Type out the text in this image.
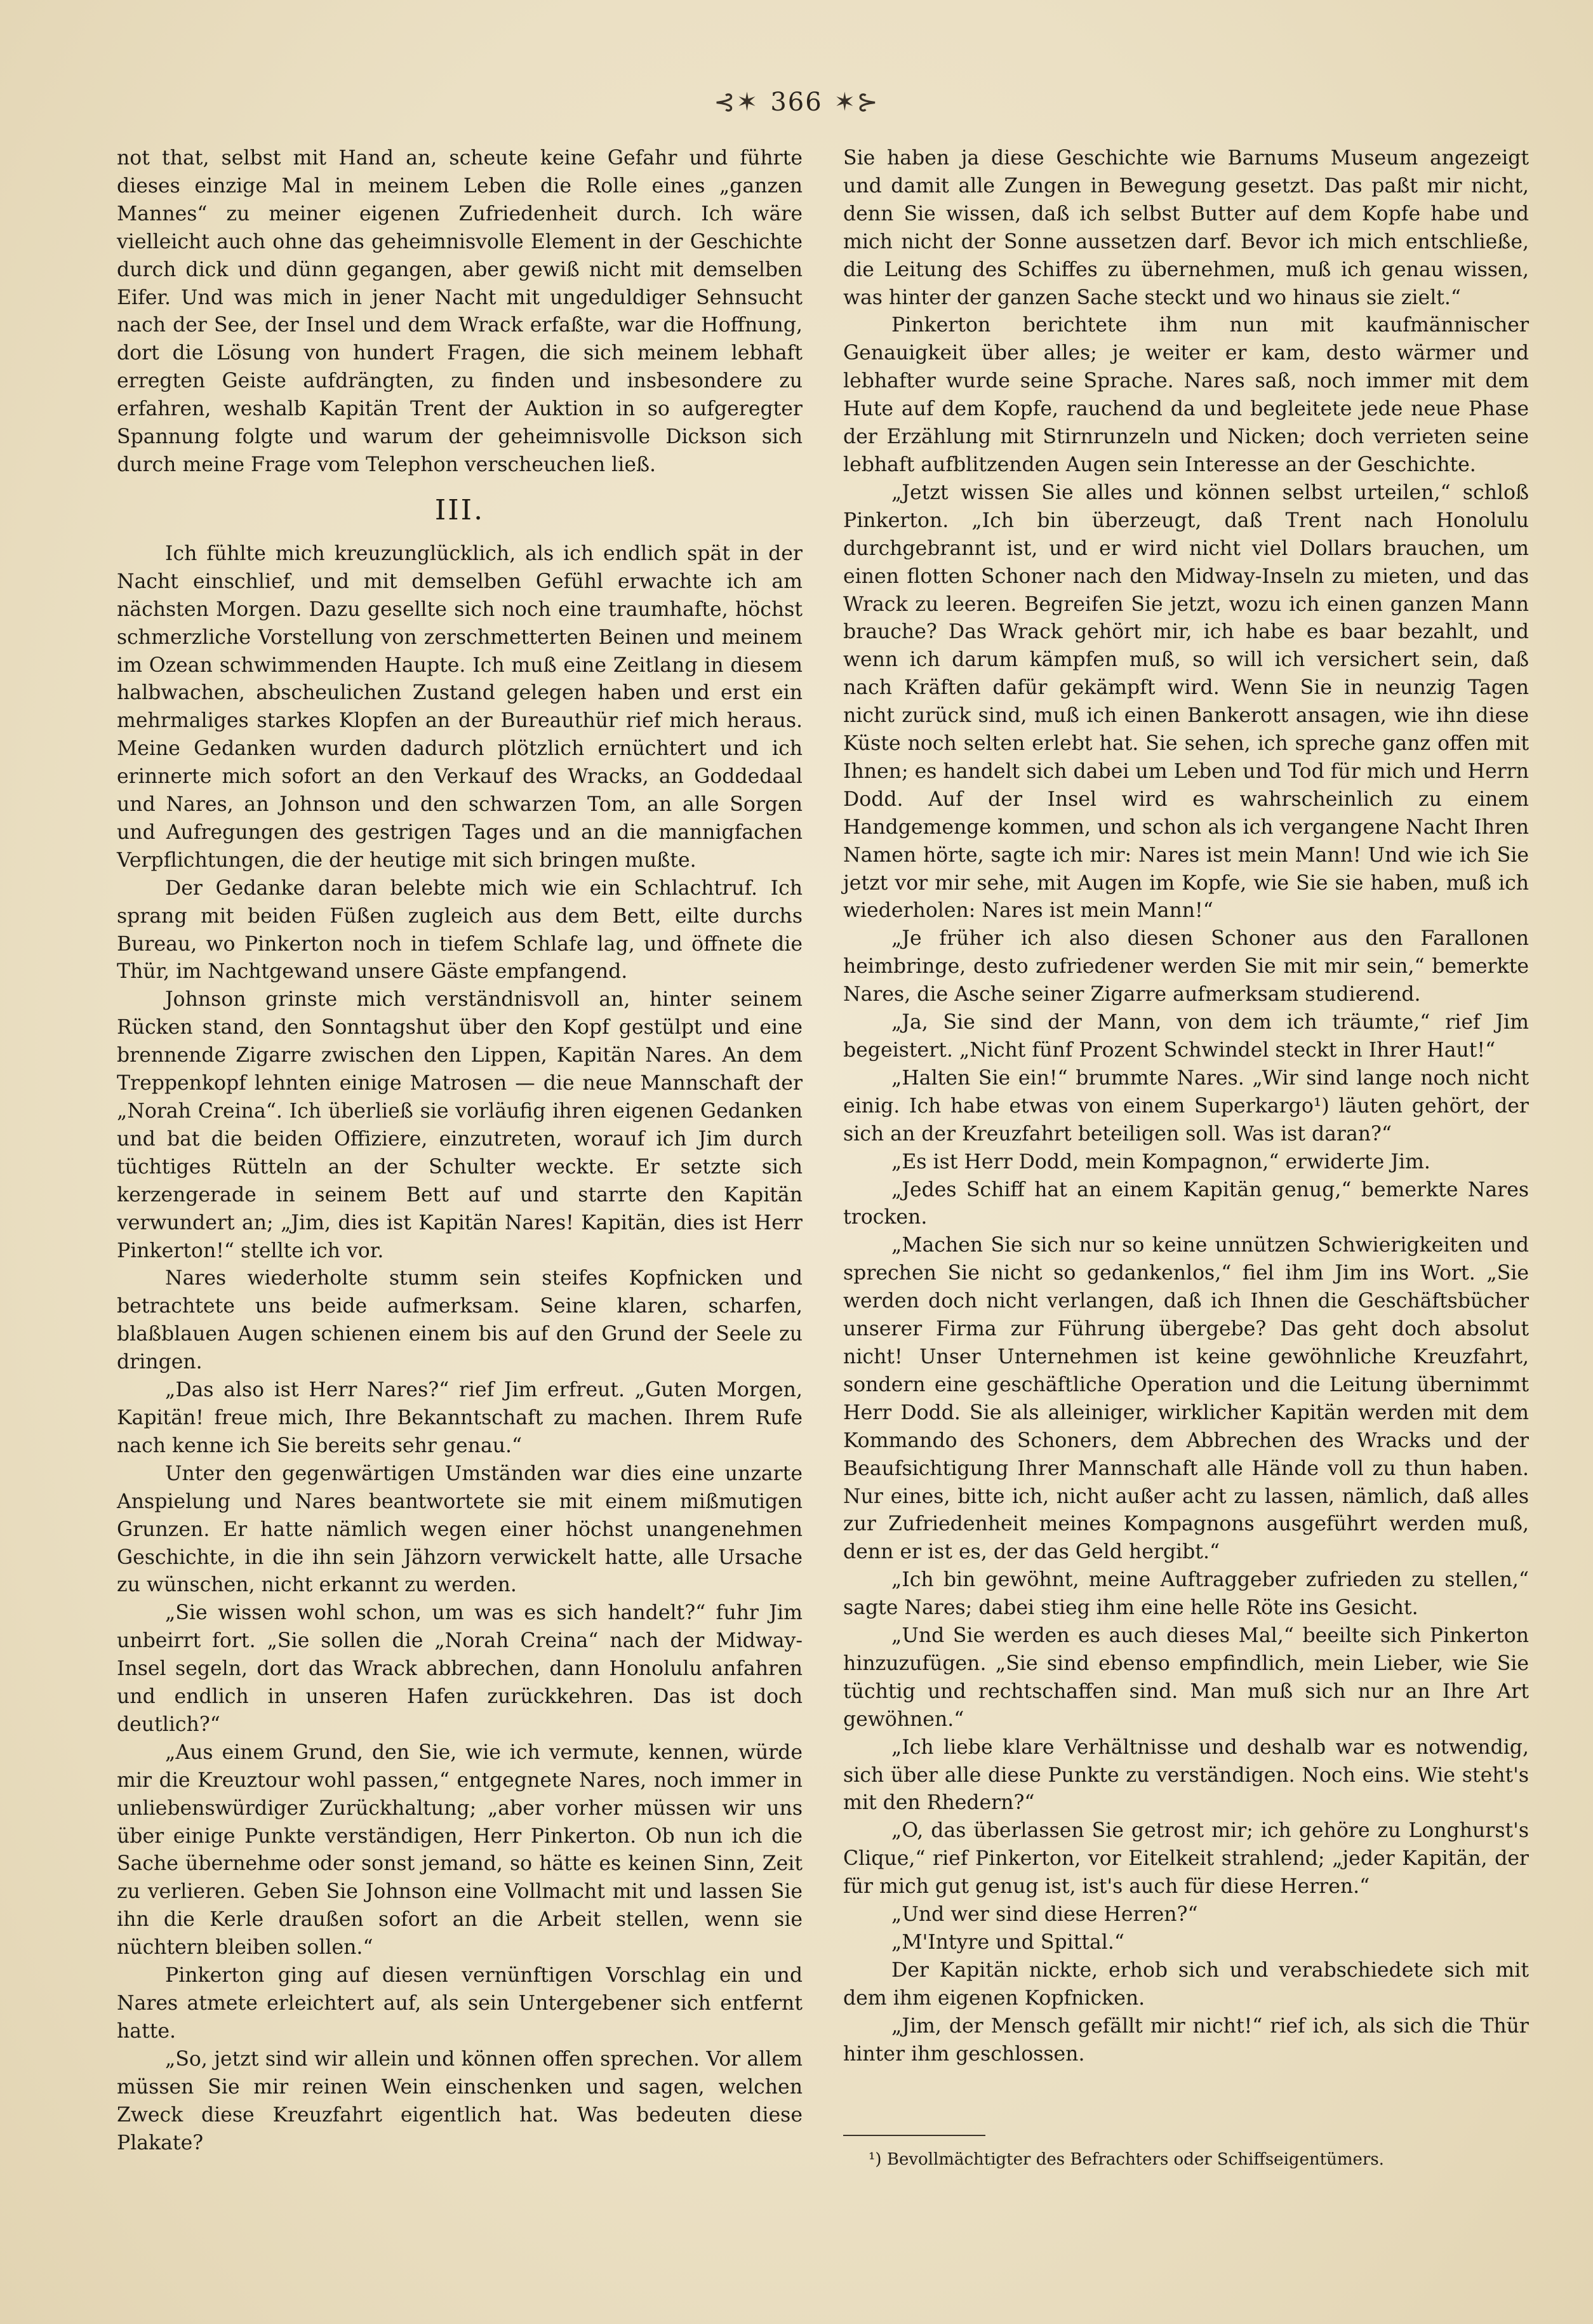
⊰✶ 366 ✶⊱

not that, selbst mit Hand an, scheute keine Gefahr und führte dieses einzige Mal in meinem Leben die Rolle eines „ganzen Mannes“ zu meiner eigenen Zufriedenheit durch. Ich wäre vielleicht auch ohne das geheimnisvolle Element in der Geschichte durch dick und dünn gegangen, aber gewiß nicht mit demselben Eifer. Und was mich in jener Nacht mit ungeduldiger Sehnsucht nach der See, der Insel und dem Wrack erfaßte, war die Hoffnung, dort die Lösung von hundert Fragen, die sich meinem lebhaft erregten Geiste aufdrängten, zu finden und insbesondere zu erfahren, weshalb Kapitän Trent der Auktion in so aufgeregter Spannung folgte und warum der geheimnisvolle Dickson sich durch meine Frage vom Telephon verscheuchen ließ.

III.

Ich fühlte mich kreuzunglücklich, als ich endlich spät in der Nacht einschlief, und mit demselben Gefühl erwachte ich am nächsten Morgen. Dazu gesellte sich noch eine traumhafte, höchst schmerzliche Vorstellung von zerschmetterten Beinen und meinem im Ozean schwimmenden Haupte. Ich muß eine Zeitlang in diesem halbwachen, abscheulichen Zustand gelegen haben und erst ein mehrmaliges starkes Klopfen an der Bureauthür rief mich heraus. Meine Gedanken wurden dadurch plötzlich ernüchtert und ich erinnerte mich sofort an den Verkauf des Wracks, an Goddedaal und Nares, an Johnson und den schwarzen Tom, an alle Sorgen und Aufregungen des gestrigen Tages und an die mannigfachen Verpflichtungen, die der heutige mit sich bringen mußte.

Der Gedanke daran belebte mich wie ein Schlachtruf. Ich sprang mit beiden Füßen zugleich aus dem Bett, eilte durchs Bureau, wo Pinkerton noch in tiefem Schlafe lag, und öffnete die Thür, im Nachtgewand unsere Gäste empfangend.

Johnson grinste mich verständnisvoll an, hinter seinem Rücken stand, den Sonntagshut über den Kopf gestülpt und eine brennende Zigarre zwischen den Lippen, Kapitän Nares. An dem Treppenkopf lehnten einige Matrosen — die neue Mannschaft der „Norah Creina“. Ich überließ sie vorläufig ihren eigenen Gedanken und bat die beiden Offiziere, einzutreten, worauf ich Jim durch tüchtiges Rütteln an der Schulter weckte. Er setzte sich kerzengerade in seinem Bett auf und starrte den Kapitän verwundert an; „Jim, dies ist Kapitän Nares! Kapitän, dies ist Herr Pinkerton!“ stellte ich vor.

Nares wiederholte stumm sein steifes Kopfnicken und betrachtete uns beide aufmerksam. Seine klaren, scharfen, blaßblauen Augen schienen einem bis auf den Grund der Seele zu dringen.

„Das also ist Herr Nares?“ rief Jim erfreut. „Guten Morgen, Kapitän! freue mich, Ihre Bekanntschaft zu machen. Ihrem Rufe nach kenne ich Sie bereits sehr genau.“

Unter den gegenwärtigen Umständen war dies eine unzarte Anspielung und Nares beantwortete sie mit einem mißmutigen Grunzen. Er hatte nämlich wegen einer höchst unangenehmen Geschichte, in die ihn sein Jähzorn verwickelt hatte, alle Ursache zu wünschen, nicht erkannt zu werden.

„Sie wissen wohl schon, um was es sich handelt?“ fuhr Jim unbeirrt fort. „Sie sollen die „Norah Creina“ nach der Midway-Insel segeln, dort das Wrack abbrechen, dann Honolulu anfahren und endlich in unseren Hafen zurückkehren. Das ist doch deutlich?“

„Aus einem Grund, den Sie, wie ich vermute, kennen, würde mir die Kreuztour wohl passen,“ entgegnete Nares, noch immer in unliebenswürdiger Zurückhaltung; „aber vorher müssen wir uns über einige Punkte verständigen, Herr Pinkerton. Ob nun ich die Sache übernehme oder sonst jemand, so hätte es keinen Sinn, Zeit zu verlieren. Geben Sie Johnson eine Vollmacht mit und lassen Sie ihn die Kerle draußen sofort an die Arbeit stellen, wenn sie nüchtern bleiben sollen.“

Pinkerton ging auf diesen vernünftigen Vorschlag ein und Nares atmete erleichtert auf, als sein Untergebener sich entfernt hatte.

„So, jetzt sind wir allein und können offen sprechen. Vor allem müssen Sie mir reinen Wein einschenken und sagen, welchen Zweck diese Kreuzfahrt eigentlich hat. Was bedeuten diese Plakate?

Sie haben ja diese Geschichte wie Barnums Museum angezeigt und damit alle Zungen in Bewegung gesetzt. Das paßt mir nicht, denn Sie wissen, daß ich selbst Butter auf dem Kopfe habe und mich nicht der Sonne aussetzen darf. Bevor ich mich entschließe, die Leitung des Schiffes zu übernehmen, muß ich genau wissen, was hinter der ganzen Sache steckt und wo hinaus sie zielt.“

Pinkerton berichtete ihm nun mit kaufmännischer Genauigkeit über alles; je weiter er kam, desto wärmer und lebhafter wurde seine Sprache. Nares saß, noch immer mit dem Hute auf dem Kopfe, rauchend da und begleitete jede neue Phase der Erzählung mit Stirnrunzeln und Nicken; doch verrieten seine lebhaft aufblitzenden Augen sein Interesse an der Geschichte.

„Jetzt wissen Sie alles und können selbst urteilen,“ schloß Pinkerton. „Ich bin überzeugt, daß Trent nach Honolulu durchgebrannt ist, und er wird nicht viel Dollars brauchen, um einen flotten Schoner nach den Midway-Inseln zu mieten, und das Wrack zu leeren. Begreifen Sie jetzt, wozu ich einen ganzen Mann brauche? Das Wrack gehört mir, ich habe es baar bezahlt, und wenn ich darum kämpfen muß, so will ich versichert sein, daß nach Kräften dafür gekämpft wird. Wenn Sie in neunzig Tagen nicht zurück sind, muß ich einen Bankerott ansagen, wie ihn diese Küste noch selten erlebt hat. Sie sehen, ich spreche ganz offen mit Ihnen; es handelt sich dabei um Leben und Tod für mich und Herrn Dodd. Auf der Insel wird es wahrscheinlich zu einem Handgemenge kommen, und schon als ich vergangene Nacht Ihren Namen hörte, sagte ich mir: Nares ist mein Mann! Und wie ich Sie jetzt vor mir sehe, mit Augen im Kopfe, wie Sie sie haben, muß ich wiederholen: Nares ist mein Mann!“

„Je früher ich also diesen Schoner aus den Farallonen heimbringe, desto zufriedener werden Sie mit mir sein,“ bemerkte Nares, die Asche seiner Zigarre aufmerksam studierend.

„Ja, Sie sind der Mann, von dem ich träumte,“ rief Jim begeistert. „Nicht fünf Prozent Schwindel steckt in Ihrer Haut!“

„Halten Sie ein!“ brummte Nares. „Wir sind lange noch nicht einig. Ich habe etwas von einem Superkargo¹) läuten gehört, der sich an der Kreuzfahrt beteiligen soll. Was ist daran?“

„Es ist Herr Dodd, mein Kompagnon,“ erwiderte Jim.

„Jedes Schiff hat an einem Kapitän genug,“ bemerkte Nares trocken.

„Machen Sie sich nur so keine unnützen Schwierigkeiten und sprechen Sie nicht so gedankenlos,“ fiel ihm Jim ins Wort. „Sie werden doch nicht verlangen, daß ich Ihnen die Geschäftsbücher unserer Firma zur Führung übergebe? Das geht doch absolut nicht! Unser Unternehmen ist keine gewöhnliche Kreuzfahrt, sondern eine geschäftliche Operation und die Leitung übernimmt Herr Dodd. Sie als alleiniger, wirklicher Kapitän werden mit dem Kommando des Schoners, dem Abbrechen des Wracks und der Beaufsichtigung Ihrer Mannschaft alle Hände voll zu thun haben. Nur eines, bitte ich, nicht außer acht zu lassen, nämlich, daß alles zur Zufriedenheit meines Kompagnons ausgeführt werden muß, denn er ist es, der das Geld hergibt.“

„Ich bin gewöhnt, meine Auftraggeber zufrieden zu stellen,“ sagte Nares; dabei stieg ihm eine helle Röte ins Gesicht.

„Und Sie werden es auch dieses Mal,“ beeilte sich Pinkerton hinzuzufügen. „Sie sind ebenso empfindlich, mein Lieber, wie Sie tüchtig und rechtschaffen sind. Man muß sich nur an Ihre Art gewöhnen.“

„Ich liebe klare Verhältnisse und deshalb war es notwendig, sich über alle diese Punkte zu verständigen. Noch eins. Wie steht's mit den Rhedern?“

„O, das überlassen Sie getrost mir; ich gehöre zu Longhurst's Clique,“ rief Pinkerton, vor Eitelkeit strahlend; „jeder Kapitän, der für mich gut genug ist, ist's auch für diese Herren.“

„Und wer sind diese Herren?“

„M'Intyre und Spittal.“

Der Kapitän nickte, erhob sich und verabschiedete sich mit dem ihm eigenen Kopfnicken.

„Jim, der Mensch gefällt mir nicht!“ rief ich, als sich die Thür hinter ihm geschlossen.

¹) Bevollmächtigter des Befrachters oder Schiffseigentümers.
